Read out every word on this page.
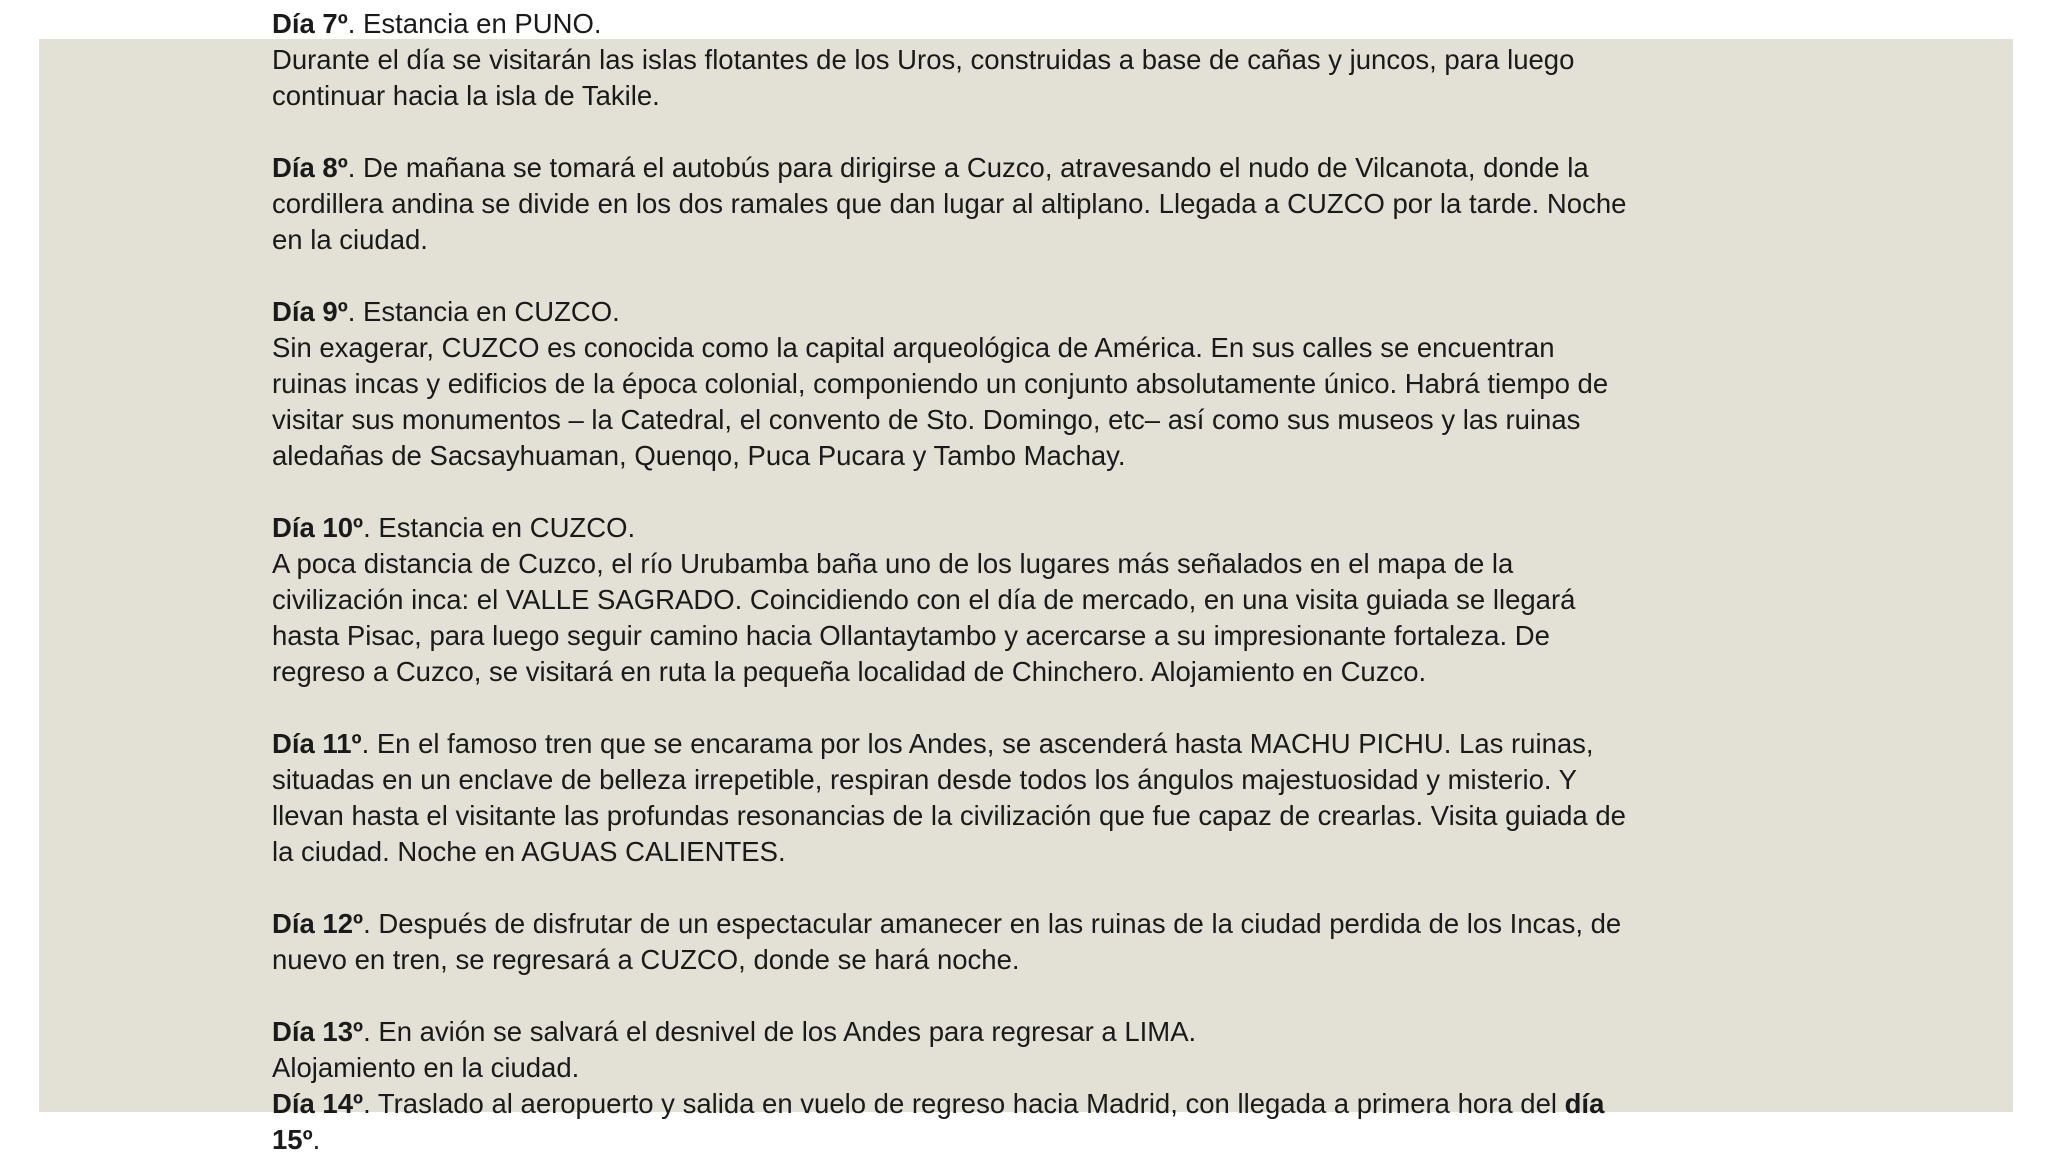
Día 7º. Estancia en PUNO.
Durante el día se visitarán las islas flotantes de los Uros, construidas a base de cañas y juncos, para luego
continuar hacia la isla de Takile.

Día 8º. De mañana se tomará el autobús para dirigirse a Cuzco, atravesando el nudo de Vilcanota, donde la
cordillera andina se divide en los dos ramales que dan lugar al altiplano. Llegada a CUZCO por la tarde. Noche
en la ciudad.

Día 9º. Estancia en CUZCO.
Sin exagerar, CUZCO es conocida como la capital arqueológica de América. En sus calles se encuentran
ruinas incas y edificios de la época colonial, componiendo un conjunto absolutamente único. Habrá tiempo de
visitar sus monumentos – la Catedral, el convento de Sto. Domingo, etc– así como sus museos y las ruinas
aledañas de Sacsayhuaman, Quenqo, Puca Pucara y Tambo Machay.

Día 10º. Estancia en CUZCO.
A poca distancia de Cuzco, el río Urubamba baña uno de los lugares más señalados en el mapa de la
civilización inca: el VALLE SAGRADO. Coincidiendo con el día de mercado, en una visita guiada se llegará
hasta Pisac, para luego seguir camino hacia Ollantaytambo y acercarse a su impresionante fortaleza. De
regreso a Cuzco, se visitará en ruta la pequeña localidad de Chinchero. Alojamiento en Cuzco.

Día 11º. En el famoso tren que se encarama por los Andes, se ascenderá hasta MACHU PICHU. Las ruinas,
situadas en un enclave de belleza irrepetible, respiran desde todos los ángulos majestuosidad y misterio. Y
llevan hasta el visitante las profundas resonancias de la civilización que fue capaz de crearlas. Visita guiada de
la ciudad. Noche en AGUAS CALIENTES.

Día 12º. Después de disfrutar de un espectacular amanecer en las ruinas de la ciudad perdida de los Incas, de
nuevo en tren, se regresará a CUZCO, donde se hará noche.

Día 13º. En avión se salvará el desnivel de los Andes para regresar a LIMA.
Alojamiento en la ciudad.

Día 14º. Traslado al aeropuerto y salida en vuelo de regreso hacia Madrid, con llegada a primera hora del día
15º.
